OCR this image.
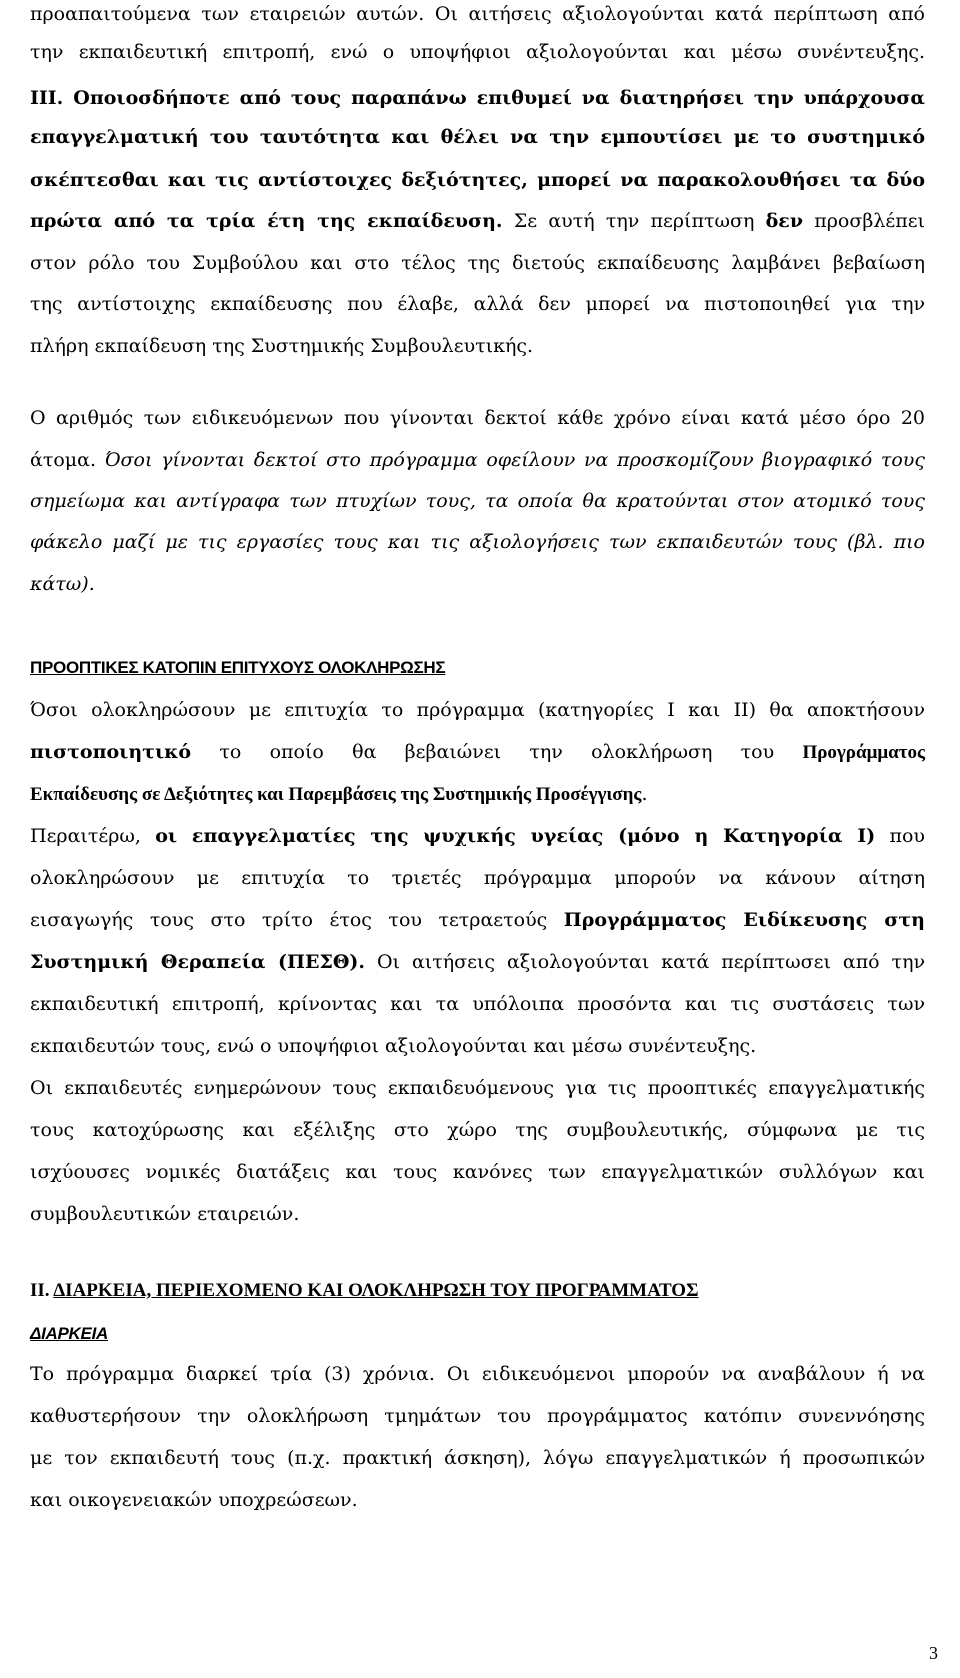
προαπαιτούμενα των εταιρειών αυτών. Οι αιτήσεις αξιολογούνται κατά περίπτωση από

την εκπαιδευτική επιτροπή, ενώ ο υποψήφιοι αξιολογούνται και μέσω συνέντευξης.

ΙΙΙ. Οποιοσδήποτε από τους παραπάνω επιθυμεί να διατηρήσει την υπάρχουσα

επαγγελματική του ταυτότητα και θέλει να την εμπουτίσει με το συστημικό

σκέπτεσθαι και τις αντίστοιχες δεξιότητες, μπορεί να παρακολουθήσει τα δύο

πρώτα από τα τρία έτη της εκπαίδευση. Σε αυτή την περίπτωση δεν προσβλέπει

στον ρόλο του Συμβούλου και στο τέλος της διετούς εκπαίδευσης λαμβάνει βεβαίωση

της αντίστοιχης εκπαίδευσης που έλαβε, αλλά δεν μπορεί να πιστοποιηθεί για την

πλήρη εκπαίδευση της Συστημικής Συμβουλευτικής.

Ο αριθμός των ειδικευόμενων που γίνονται δεκτοί κάθε χρόνο είναι κατά μέσο όρο 20

άτομα. Όσοι γίνονται δεκτοί στο πρόγραμμα οφείλουν να προσκομίζουν βιογραφικό τους

σημείωμα και αντίγραφα των πτυχίων τους, τα οποία θα κρατούνται στον ατομικό τους

φάκελο μαζί με τις εργασίες τους και τις αξιολογήσεις των εκπαιδευτών τους (βλ. πιο

κάτω).

ΠΡΟΟΠΤΙΚΕΣ ΚΑΤΟΠΙΝ ΕΠΙΤΥΧΟΥΣ ΟΛΟΚΛΗΡΩΣΗΣ

Όσοι ολοκληρώσουν με επιτυχία το πρόγραμμα (κατηγορίες Ι και ΙΙ) θα αποκτήσουν

πιστοποιητικό το οποίο θα βεβαιώνει την ολοκλήρωση του Προγράμματος

Εκπαίδευσης σε Δεξιότητες και Παρεμβάσεις της Συστημικής Προσέγγισης.

Περαιτέρω, οι επαγγελματίες της ψυχικής υγείας (μόνο η Κατηγορία Ι) που

ολοκληρώσουν με επιτυχία το τριετές πρόγραμμα μπορούν να κάνουν αίτηση

εισαγωγής τους στο τρίτο έτος του τετραετούς Προγράμματος Ειδίκευσης στη

Συστημική Θεραπεία (ΠΕΣΘ). Οι αιτήσεις αξιολογούνται κατά περίπτωσει από την

εκπαιδευτική επιτροπή, κρίνοντας και τα υπόλοιπα προσόντα και τις συστάσεις των

εκπαιδευτών τους, ενώ ο υποψήφιοι αξιολογούνται και μέσω συνέντευξης.

Οι εκπαιδευτές ενημερώνουν τους εκπαιδευόμενους για τις προοπτικές επαγγελματικής

τους κατοχύρωσης και εξέλιξης στο χώρο της συμβουλευτικής, σύμφωνα με τις

ισχύουσες νομικές διατάξεις και τους κανόνες των επαγγελματικών συλλόγων και

συμβουλευτικών εταιρειών.

ΙΙ. ΔΙΑΡΚΕΙΑ, ΠΕΡΙΕΧΟΜΕΝΟ ΚΑΙ ΟΛΟΚΛΗΡΩΣΗ ΤΟΥ ΠΡΟΓΡΑΜΜΑΤΟΣ

ΔΙΑΡΚΕΙΑ

Το πρόγραμμα διαρκεί τρία (3) χρόνια. Οι ειδικευόμενοι μπορούν να αναβάλουν ή να

καθυστερήσουν την ολοκλήρωση τμημάτων του προγράμματος κατόπιν συνεννόησης

με τον εκπαιδευτή τους (π.χ. πρακτική άσκηση), λόγω επαγγελματικών ή προσωπικών

και οικογενειακών υποχρεώσεων.

3
